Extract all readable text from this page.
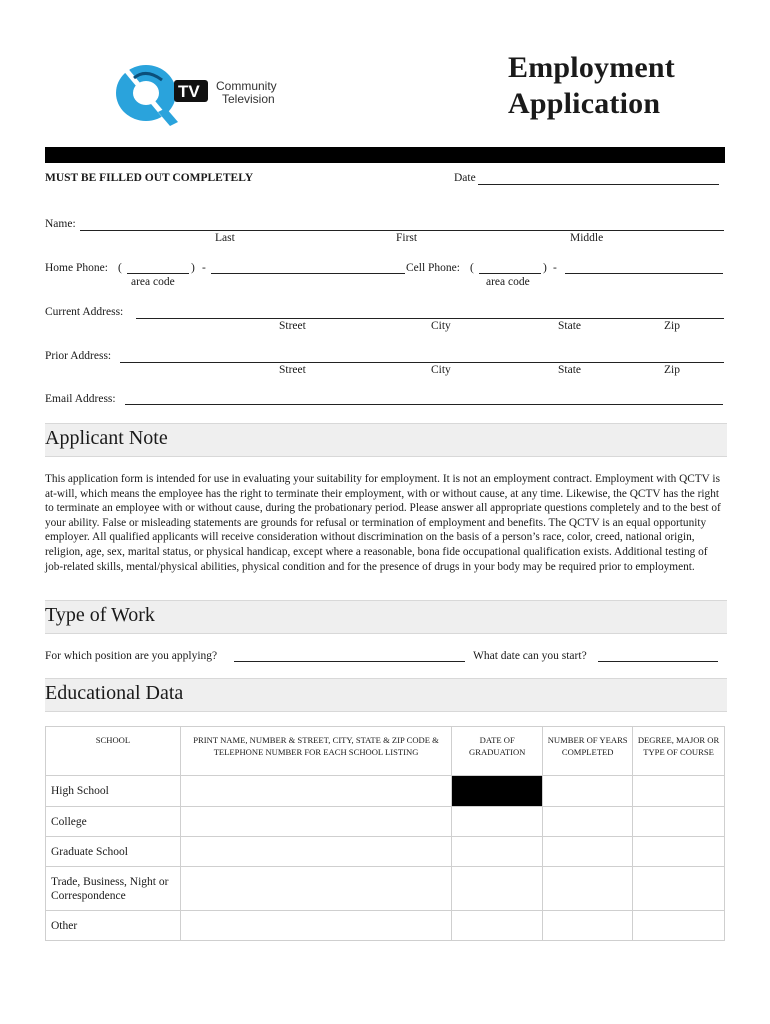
TV Community
Television
Employment
Application
MUST BE FILLED OUT COMPLETELY	Date
Name:
Last	First	Middle
Home Phone: (	) -	Cell Phone: (	) -
area code	area code
Current Address:
Street	City	State	Zip
Prior Address:
Street	City	State	Zip
Email Address:
Applicant Note
This application form is intended for use in evaluating your suitability for employment. It is not an employment contract. Employment with QCTV is at-will, which means the employee has the right to terminate their employment, with or without cause, at any time. Likewise, the QCTV has the right to terminate an employee with or without cause, during the probationary period. Please answer all appropriate questions completely and to the best of your ability. False or misleading statements are grounds for refusal or termination of employment and benefits. The QCTV is an equal opportunity employer. All qualified applicants will receive consideration without discrimination on the basis of a person’s race, color, creed, national origin, religion, age, sex, marital status, or physical handicap, except where a reasonable, bona fide occupational qualification exists. Additional testing of job-related skills, mental/physical abilities, physical condition and for the presence of drugs in your body may be required prior to employment.
Type of Work
For which position are you applying?	What date can you start?
Educational Data
SCHOOL	PRINT NAME, NUMBER & STREET, CITY, STATE & ZIP CODE & TELEPHONE NUMBER FOR EACH SCHOOL LISTING	DATE OF GRADUATION	NUMBER OF YEARS COMPLETED	DEGREE, MAJOR OR TYPE OF COURSE
High School				
College				
Graduate School				
Trade, Business, Night or Correspondence				
Other				
